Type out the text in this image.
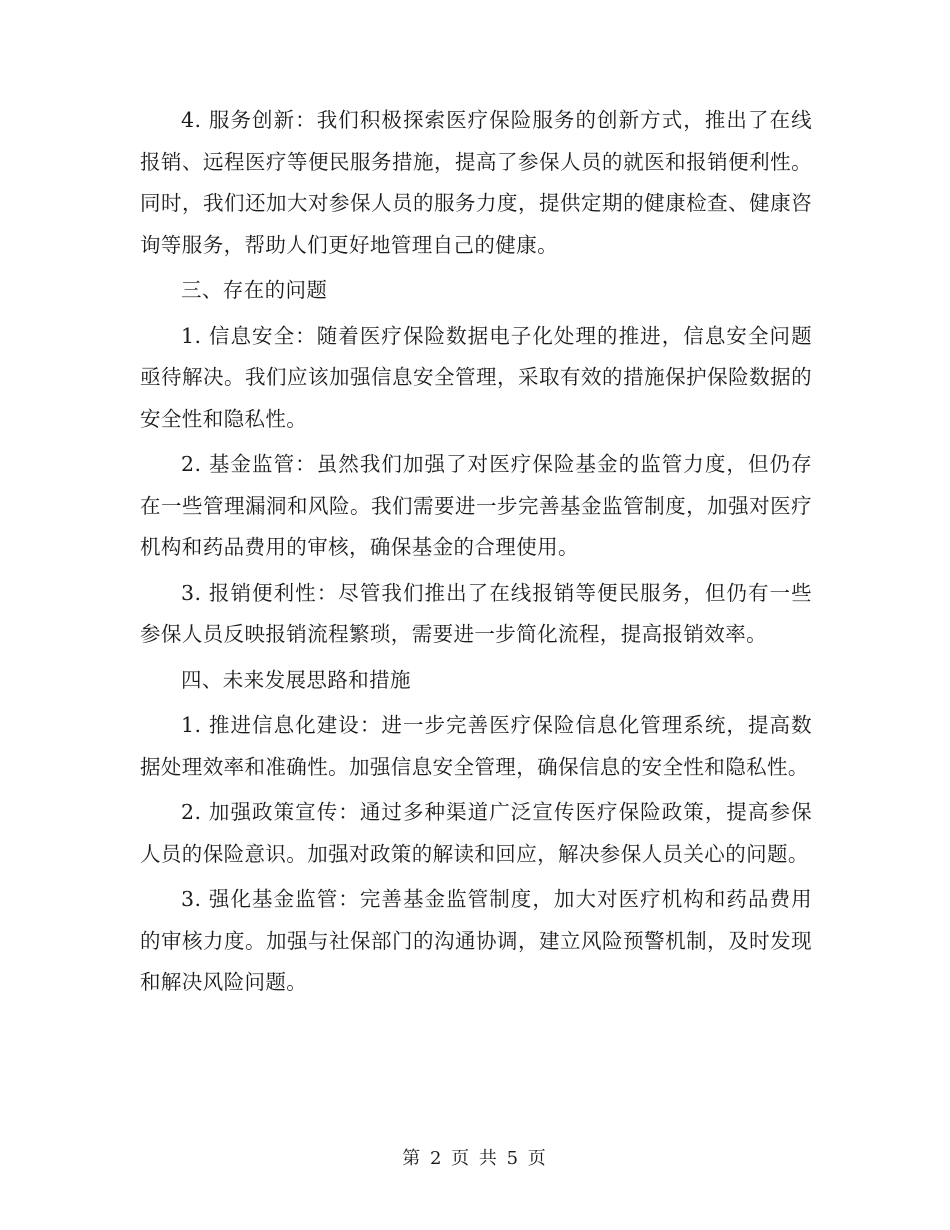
4. 服务创新：我们积极探索医疗保险服务的创新方式，推出了在线报销、远程医疗等便民服务措施，提高了参保人员的就医和报销便利性。同时，我们还加大对参保人员的服务力度，提供定期的健康检查、健康咨询等服务，帮助人们更好地管理自己的健康。

三、存在的问题

1. 信息安全：随着医疗保险数据电子化处理的推进，信息安全问题亟待解决。我们应该加强信息安全管理，采取有效的措施保护保险数据的安全性和隐私性。

2. 基金监管：虽然我们加强了对医疗保险基金的监管力度，但仍存在一些管理漏洞和风险。我们需要进一步完善基金监管制度，加强对医疗机构和药品费用的审核，确保基金的合理使用。

3. 报销便利性：尽管我们推出了在线报销等便民服务，但仍有一些参保人员反映报销流程繁琐，需要进一步简化流程，提高报销效率。

四、未来发展思路和措施

1. 推进信息化建设：进一步完善医疗保险信息化管理系统，提高数据处理效率和准确性。加强信息安全管理，确保信息的安全性和隐私性。

2. 加强政策宣传：通过多种渠道广泛宣传医疗保险政策，提高参保人员的保险意识。加强对政策的解读和回应，解决参保人员关心的问题。

3. 强化基金监管：完善基金监管制度，加大对医疗机构和药品费用的审核力度。加强与社保部门的沟通协调，建立风险预警机制，及时发现和解决风险问题。

第 2 页 共 5 页
